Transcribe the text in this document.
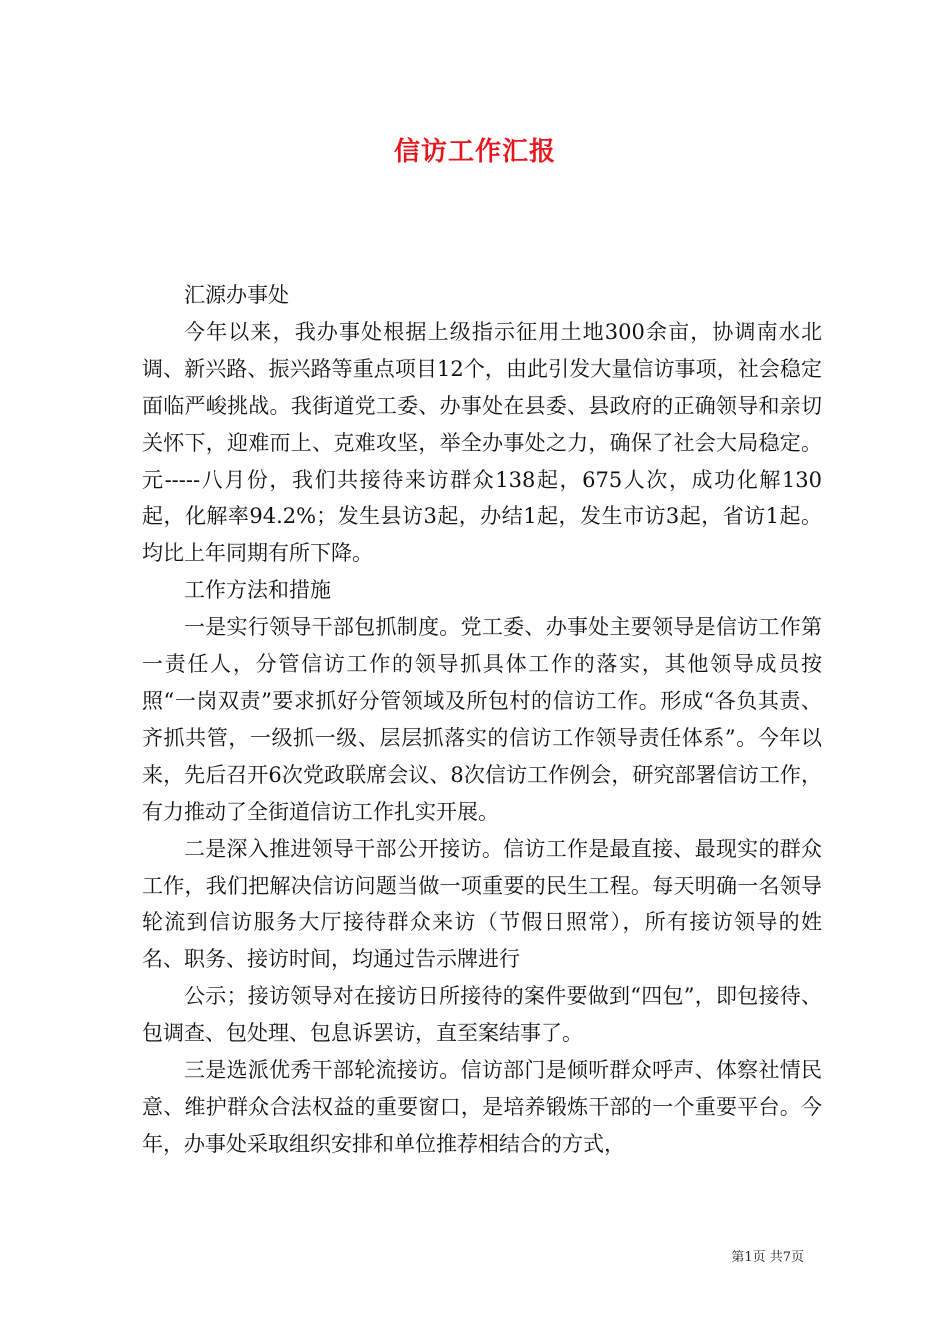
信访工作汇报

汇源办事处

今年以来，我办事处根据上级指示征用土地300余亩，协调南水北调、新兴路、振兴路等重点项目12个，由此引发大量信访事项，社会稳定面临严峻挑战。我街道党工委、办事处在县委、县政府的正确领导和亲切关怀下，迎难而上、克难攻坚，举全办事处之力，确保了社会大局稳定。元-----八月份，我们共接待来访群众138起，675人次，成功化解130起，化解率94.2%；发生县访3起，办结1起，发生市访3起，省访1起。均比上年同期有所下降。

工作方法和措施

一是实行领导干部包抓制度。党工委、办事处主要领导是信访工作第一责任人，分管信访工作的领导抓具体工作的落实，其他领导成员按照“一岗双责”要求抓好分管领域及所包村的信访工作。形成“各负其责、齐抓共管，一级抓一级、层层抓落实的信访工作领导责任体系”。今年以来，先后召开6次党政联席会议、8次信访工作例会，研究部署信访工作，有力推动了全街道信访工作扎实开展。

二是深入推进领导干部公开接访。信访工作是最直接、最现实的群众工作，我们把解决信访问题当做一项重要的民生工程。每天明确一名领导轮流到信访服务大厅接待群众来访（节假日照常），所有接访领导的姓名、职务、接访时间，均通过告示牌进行

公示；接访领导对在接访日所接待的案件要做到“四包”，即包接待、包调查、包处理、包息诉罢访，直至案结事了。

三是选派优秀干部轮流接访。信访部门是倾听群众呼声、体察社情民意、维护群众合法权益的重要窗口，是培养锻炼干部的一个重要平台。今年，办事处采取组织安排和单位推荐相结合的方式，

第1页 共7页
